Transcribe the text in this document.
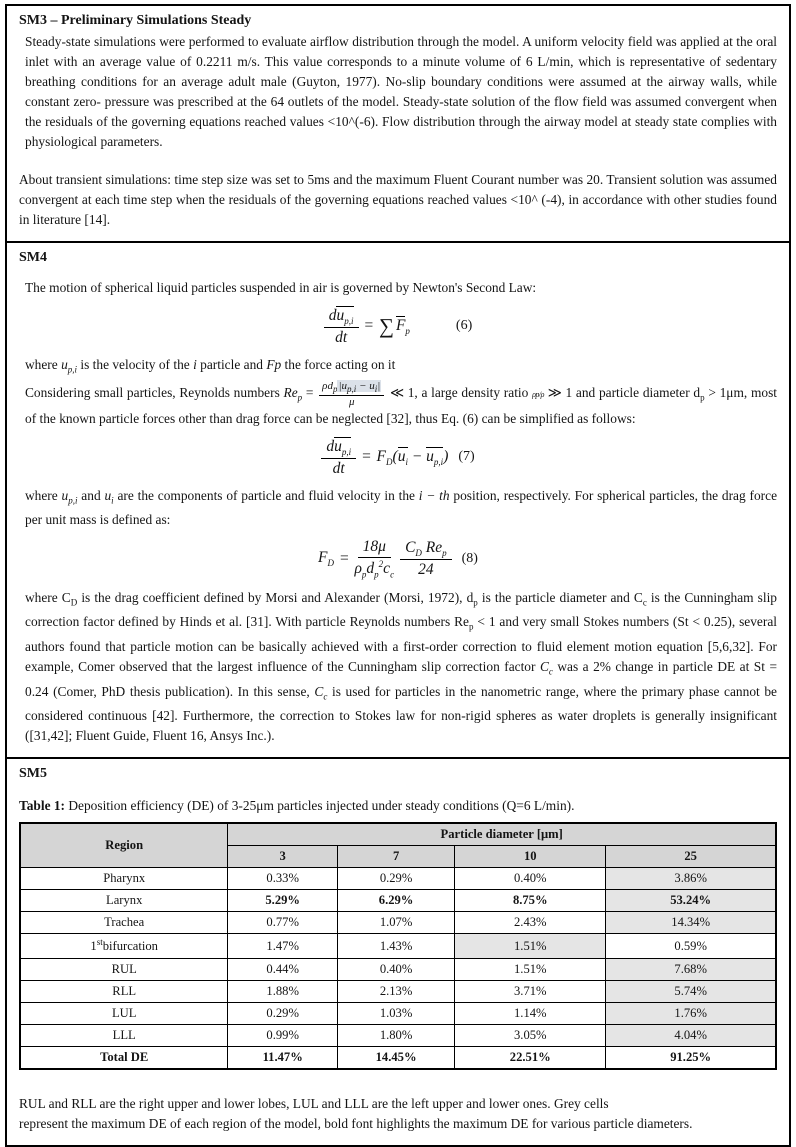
SM3 – Preliminary Simulations Steady

Steady-state simulations were performed to evaluate airflow distribution through the model. A uniform velocity field was applied at the oral inlet with an average value of 0.2211 m/s. This value corresponds to a minute volume of 6 L/min, which is representative of sedentary breathing conditions for an average adult male (Guyton, 1977). No-slip boundary conditions were assumed at the airway walls, while constant zero- pressure was prescribed at the 64 outlets of the model. Steady-state solution of the flow field was assumed convergent when the residuals of the governing equations reached values <10^(-6). Flow distribution through the airway model at steady state complies with physiological parameters.

About transient simulations: time step size was set to 5ms and the maximum Fluent Courant number was 20. Transient solution was assumed convergent at each time step when the residuals of the governing equations reached values <10^ (-4), in accordance with other studies found in literature [14].

SM4

The motion of spherical liquid particles suspended in air is governed by Newton's Second Law:

$\frac{du_{p,i}}{dt}$ = ∑ $F_p$	(6)

where $u_{p,i}$ is the velocity of the i particle and Fp the force acting on it

Considering small particles, Reynolds numbers $Re_p = \frac{\rho d_p|u_{p,i} - u_i|}{\mu}$ ≪ 1, a large density ratio ρp/ρ ≫ 1 and particle diameter $d_p > 1\mu m$, most of the known particle forces other than drag force can be neglected [32], thus Eq. (6) can be simplified as follows:

$\frac{du_{p,i}}{dt} = F_D(u_i - u_{p,i})$ (7)

where $u_{p,i}$ and $u_i$ are the components of particle and fluid velocity in the i − th position, respectively. For spherical particles, the drag force per unit mass is defined as:

$F_D = \frac{18\mu}{\rho_pd_p^2c_c} \frac{C_D Re_p}{24} (8)$

where $C_D$ is the drag coefficient defined by Morsi and Alexander (Morsi, 1972), $d_p$ is the particle diameter and $C_c$ is the Cunningham slip correction factor defined by Hinds et al. [31]. With particle Reynolds numbers $Re_p < 1$ and very small Stokes numbers (St < 0.25), several authors found that particle motion can be basically achieved with a first-order correction to fluid element motion equation [5,6,32]. For example, Comer observed that the largest influence of the Cunningham slip correction factor $C_c$ was a 2% change in particle DE at St = 0.24 (Comer, PhD thesis publication). In this sense, $C_c$ is used for particles in the nanometric range, where the primary phase cannot be considered continuous [42]. Furthermore, the correction to Stokes law for non-rigid spheres as water droplets is generally insignificant ([31,42]; Fluent Guide, Fluent 16, Ansys Inc.).

SM5
Table 1: Deposition efficiency (DE) of 3-25μm particles injected under steady conditions (Q=6 L/min).
Region	Particle diameter [μm]			
	3	7	10	25
Pharynx	0.33%	0.29%	0.40%	3.86%
Larynx	5.29%	6.29%	8.75%	53.24%
Trachea	0.77%	1.07%	2.43%	14.34%
1stbifurcation	1.47%	1.43%	1.51%	0.59%
RUL	0.44%	0.40%	1.51%	7.68%
RLL	1.88%	2.13%	3.71%	5.74%
LUL	0.29%	1.03%	1.14%	1.76%
LLL	0.99%	1.80%	3.05%	4.04%
Total DE	11.47%	14.45%	22.51%	91.25%
RUL and RLL are the right upper and lower lobes, LUL and LLL are the left upper and lower ones. Grey cells
represent the maximum DE of each region of the model, bold font highlights the maximum DE for various particle diameters.
